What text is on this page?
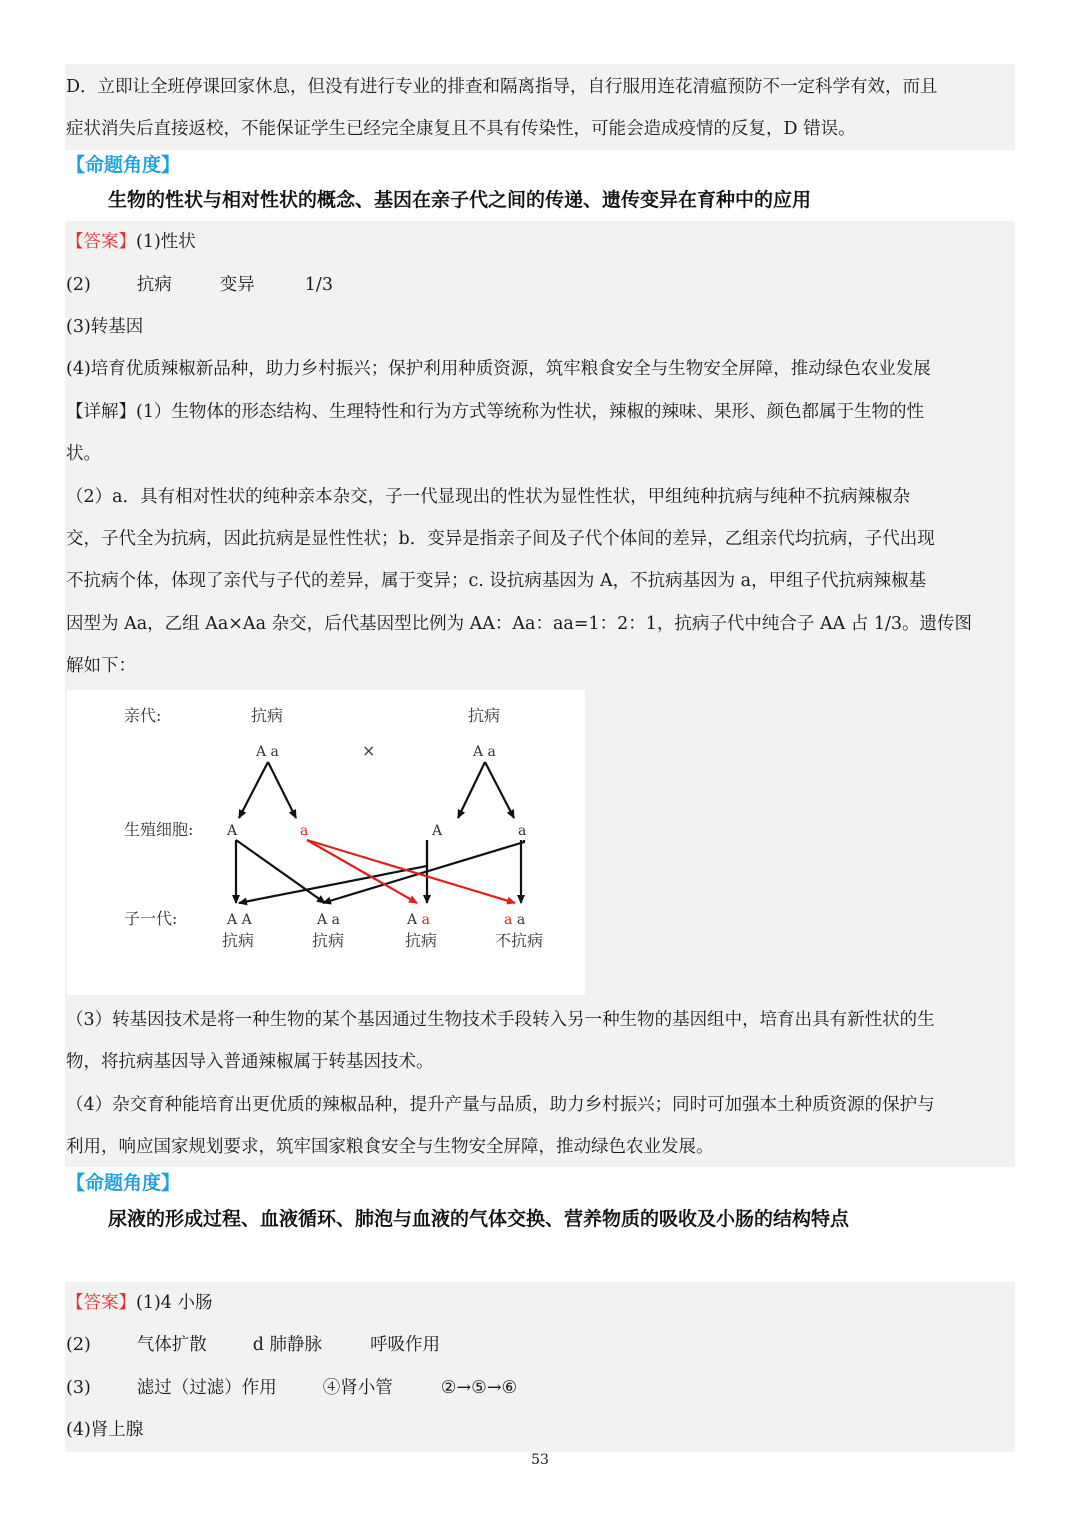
D．立即让全班停课回家休息，但没有进行专业的排查和隔离指导，自行服用连花清瘟预防不一定科学有效，而且
症状消失后直接返校，不能保证学生已经完全康复且不具有传染性，可能会造成疫情的反复，D 错误。
【命题角度】
生物的性状与相对性状的概念、基因在亲子代之间的传递、遗传变异在育种中的应用
【答案】(1)性状
(2)	抗病	变异	1/3
(3)转基因
(4)培育优质辣椒新品种，助力乡村振兴；保护利用种质资源，筑牢粮食安全与生物安全屏障，推动绿色农业发展
【详解】(1）生物体的形态结构、生理特性和行为方式等统称为性状，辣椒的辣味、果形、颜色都属于生物的性
状。
（2）a．具有相对性状的纯种亲本杂交，子一代显现出的性状为显性性状，甲组纯种抗病与纯种不抗病辣椒杂
交，子代全为抗病，因此抗病是显性性状；b．变异是指亲子间及子代个体间的差异，乙组亲代均抗病，子代出现
不抗病个体，体现了亲代与子代的差异，属于变异；c. 设抗病基因为 A，不抗病基因为 a，甲组子代抗病辣椒基
因型为 Aa，乙组 Aa×Aa 杂交，后代基因型比例为 AA：Aa：aa=1：2：1，抗病子代中纯合子 AA 占 1/3。遗传图
解如下：
亲代:	抗病	抗病
A a	×	A a
生殖细胞: A	a	A	a
子一代:	A A	A a	A a	a a
抗病	抗病	抗病	不抗病
（3）转基因技术是将一种生物的某个基因通过生物技术手段转入另一种生物的基因组中，培育出具有新性状的生
物，将抗病基因导入普通辣椒属于转基因技术。
（4）杂交育种能培育出更优质的辣椒品种，提升产量与品质，助力乡村振兴；同时可加强本土种质资源的保护与
利用，响应国家规划要求，筑牢国家粮食安全与生物安全屏障，推动绿色农业发展。
【命题角度】
尿液的形成过程、血液循环、肺泡与血液的气体交换、营养物质的吸收及小肠的结构特点
【答案】(1)4 小肠
(2)	气体扩散	d 肺静脉	呼吸作用
(3)	滤过（过滤）作用	④肾小管	②→⑤→⑥
(4)肾上腺
53
